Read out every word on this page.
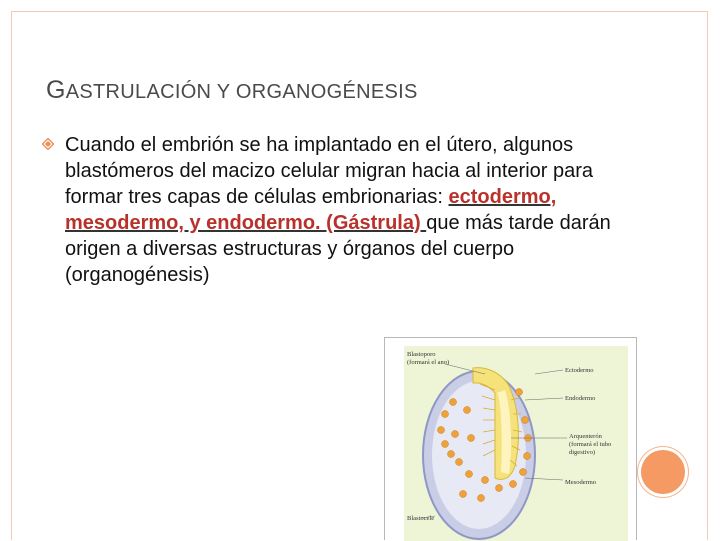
GASTRULACIÓN Y ORGANOGÉNESIS

Cuando el embrión se ha implantado en el útero, algunos blastómeros del macizo celular migran hacia al interior para formar tres capas de células embrionarias: ectodermo, mesodermo, y endodermo. (Gástrula) que más tarde darán origen a diversas estructuras y órganos del cuerpo (organogénesis)

Blastoporo
(formará el ano)
Ectodermo
Endodermo
Arquenterón
(formará el tubo
digestivo)
Mesodermo
Blastocele
